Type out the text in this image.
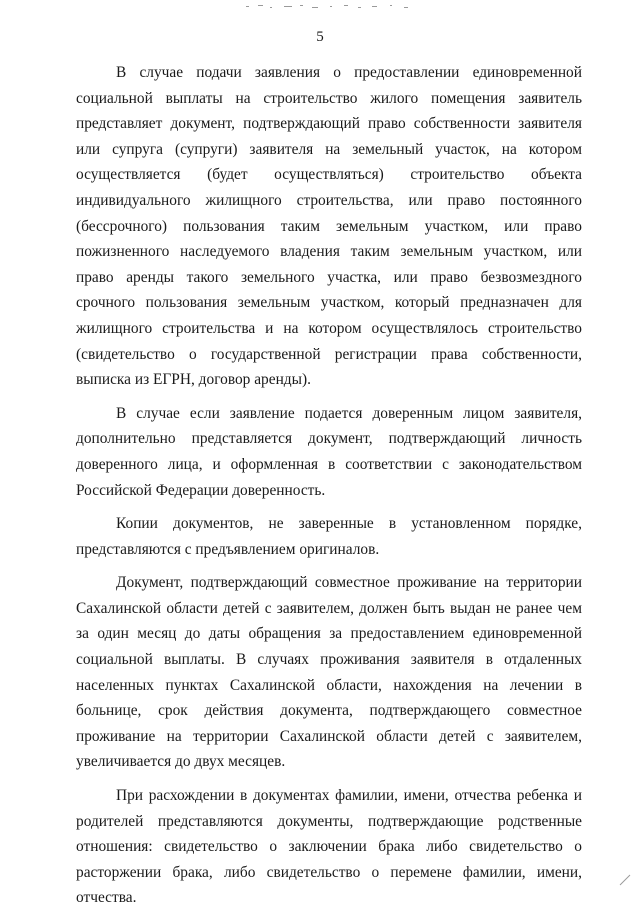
5

В случае подачи заявления о предоставлении единовременной социальной выплаты на строительство жилого помещения заявитель представляет документ, подтверждающий право собственности заявителя или супруга (супруги) заявителя на земельный участок, на котором осуществляется (будет осуществляться) строительство объекта индивидуального жилищного строительства, или право постоянного (бессрочного) пользования таким земельным участком, или право пожизненного наследуемого владения таким земельным участком, или право аренды такого земельного участка, или право безвозмездного срочного пользования земельным участком, который предназначен для жилищного строительства и на котором осуществлялось строительство (свидетельство о государственной регистрации права собственности, выписка из ЕГРН, договор аренды).

В случае если заявление подается доверенным лицом заявителя, дополнительно представляется документ, подтверждающий личность доверенного лица, и оформленная в соответствии с законодательством Российской Федерации доверенность.

Копии документов, не заверенные в установленном порядке, представляются с предъявлением оригиналов.

Документ, подтверждающий совместное проживание на территории Сахалинской области детей с заявителем, должен быть выдан не ранее чем за один месяц до даты обращения за предоставлением единовременной социальной выплаты. В случаях проживания заявителя в отдаленных населенных пунктах Сахалинской области, нахождения на лечении в больнице, срок действия документа, подтверждающего совместное проживание на территории Сахалинской области детей с заявителем, увеличивается до двух месяцев.

При расхождении в документах фамилии, имени, отчества ребенка и родителей представляются документы, подтверждающие родственные отношения: свидетельство о заключении брака либо свидетельство о расторжении брака, либо свидетельство о перемене фамилии, имени, отчества.
